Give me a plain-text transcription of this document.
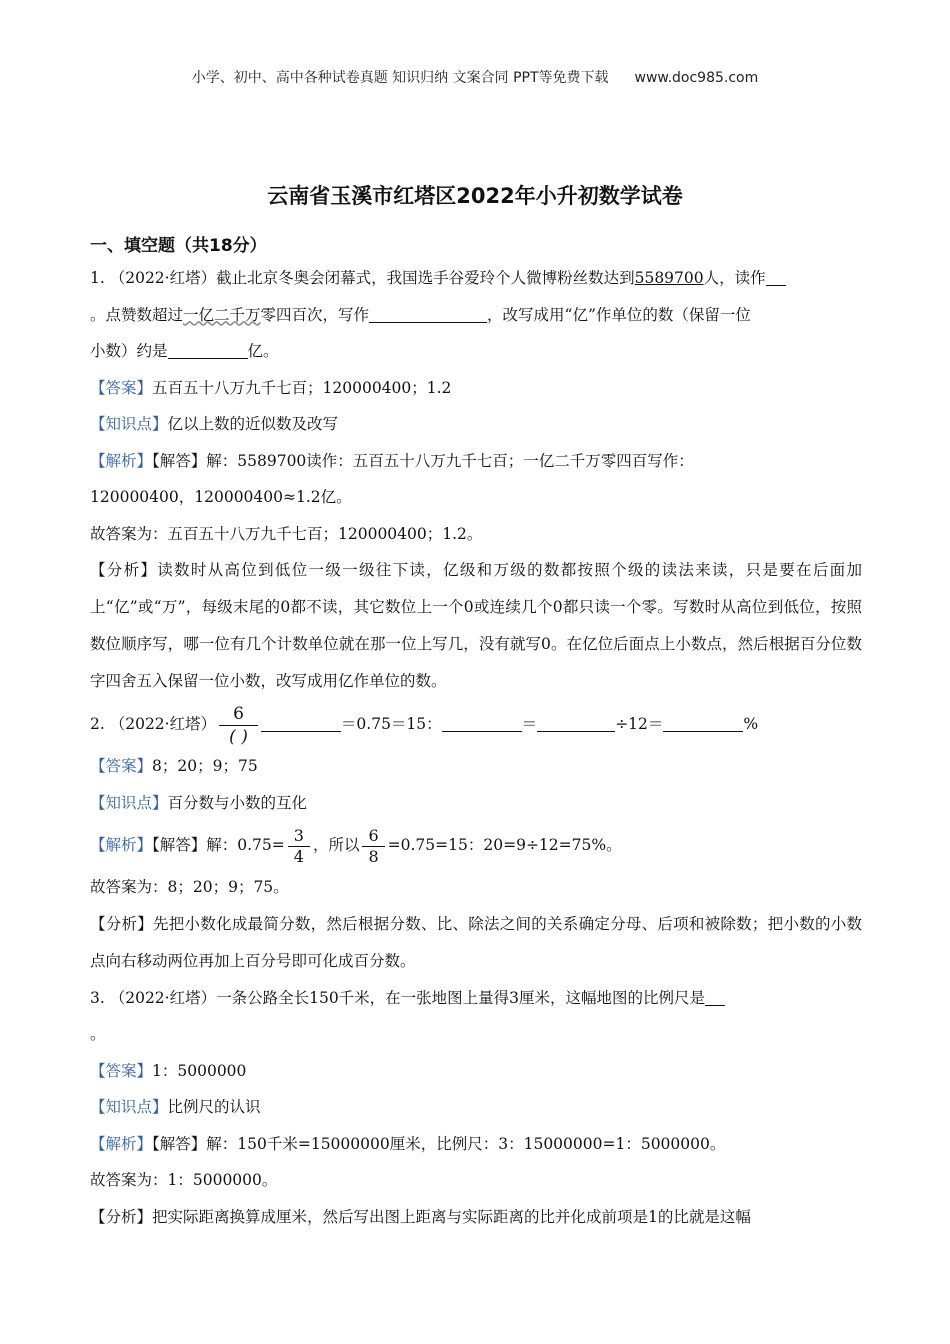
小学、初中、高中各种试卷真题 知识归纳 文案合同 PPT等免费下载 www.doc985.com
云南省玉溪市红塔区2022年小升初数学试卷
一、填空题（共18分）

1. （2022·红塔）截止北京冬奥会闭幕式，我国选手谷爱玲个人微博粉丝数达到5589700人，读作

。点赞数超过一亿二千万零四百次，写作	，改写成用“亿”作单位的数（保留一位

小数）约是	亿。

【答案】五百五十八万九千七百；120000400；1.2

【知识点】亿以上数的近似数及改写

【解析】【解答】解：5589700读作：五百五十八万九千七百；一亿二千万零四百写作：

120000400，120000400≈1.2亿。

故答案为：五百五十八万九千七百；120000400；1.2。

【分析】读数时从高位到低位一级一级往下读，亿级和万级的数都按照个级的读法来读，只是要在后面加上“亿”或“万”，每级末尾的0都不读，其它数位上一个0或连续几个0都只读一个零。写数时从高位到低位，按照数位顺序写，哪一位有几个计数单位就在那一位上写几，没有就写0。在亿位后面点上小数点，然后根据百分位数字四舍五入保留一位小数，改写成用亿作单位的数。

2. （2022·红塔） $\frac{6}{( )}$	＝0.75＝15：	＝	÷12＝	%

【答案】8；20；9；75

【知识点】百分数与小数的互化

【解析】【解答】解：$0.75= \frac{3}{4}$ ，所以 $\frac{6}{8} =0.75=15$：20=9÷12=75%。

故答案为：8；20；9；75。

【分析】先把小数化成最简分数，然后根据分数、比、除法之间的关系确定分母、后项和被除数；把小数的小数点向右移动两位再加上百分号即可化成百分数。

3. （2022·红塔）一条公路全长150千米，在一张地图上量得3厘米，这幅地图的比例尺是

。

【答案】1：5000000

【知识点】比例尺的认识

【解析】【解答】解：150千米=15000000厘米，比例尺：3：15000000=1：5000000。

故答案为：1：5000000。

【分析】把实际距离换算成厘米，然后写出图上距离与实际距离的比并化成前项是1的比就是这幅
